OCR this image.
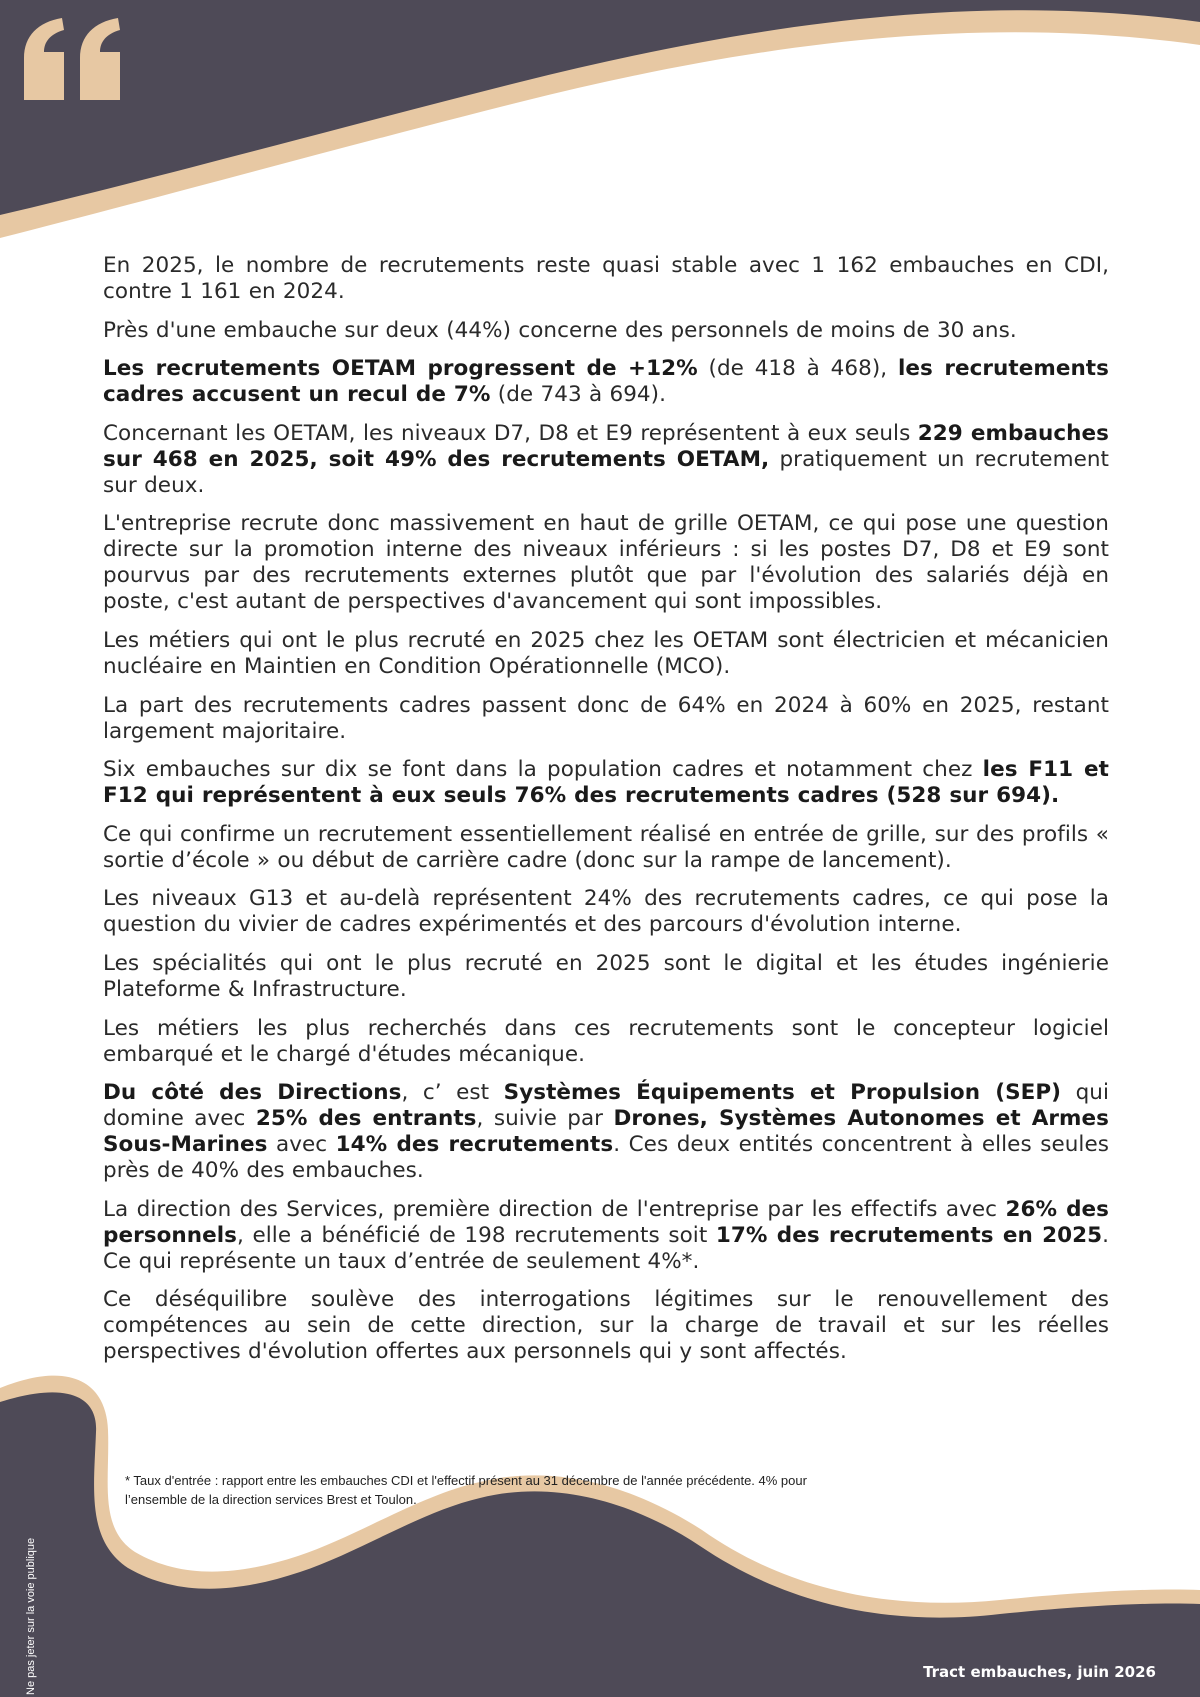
En 2025, le nombre de recrutements reste quasi stable avec 1 162 embauches en CDI, contre 1 161 en 2024.

Près d'une embauche sur deux (44%) concerne des personnels de moins de 30 ans.

Les recrutements OETAM progressent de +12% (de 418 à 468), les recrutements cadres accusent un recul de 7% (de 743 à 694).

Concernant les OETAM, les niveaux D7, D8 et E9 représentent à eux seuls 229 embauches sur 468 en 2025, soit 49% des recrutements OETAM, pratiquement un recrutement sur deux.

L'entreprise recrute donc massivement en haut de grille OETAM, ce qui pose une question directe sur la promotion interne des niveaux inférieurs : si les postes D7, D8 et E9 sont pourvus par des recrutements externes plutôt que par l'évolution des salariés déjà en poste, c'est autant de perspectives d'avancement qui sont impossibles.

Les métiers qui ont le plus recruté en 2025 chez les OETAM sont électricien et mécanicien nucléaire en Maintien en Condition Opérationnelle (MCO).

La part des recrutements cadres passent donc de 64% en 2024 à 60% en 2025, restant largement majoritaire.

Six embauches sur dix se font dans la population cadres et notamment chez les F11 et F12 qui représentent à eux seuls 76% des recrutements cadres (528 sur 694).

Ce qui confirme un recrutement essentiellement réalisé en entrée de grille, sur des profils « sortie d’école » ou début de carrière cadre (donc sur la rampe de lancement).

Les niveaux G13 et au-delà représentent 24% des recrutements cadres, ce qui pose la question du vivier de cadres expérimentés et des parcours d'évolution interne.

Les spécialités qui ont le plus recruté en 2025 sont le digital et les études ingénierie Plateforme & Infrastructure.

Les métiers les plus recherchés dans ces recrutements sont le concepteur logiciel embarqué et le chargé d'études mécanique.

Du côté des Directions, c’ est Systèmes Équipements et Propulsion (SEP) qui domine avec 25% des entrants, suivie par Drones, Systèmes Autonomes et Armes Sous-Marines avec 14% des recrutements. Ces deux entités concentrent à elles seules près de 40% des embauches.

La direction des Services, première direction de l'entreprise par les effectifs avec 26% des personnels, elle a bénéficié de 198 recrutements soit 17% des recrutements en 2025. Ce qui représente un taux d’entrée de seulement 4%*.

Ce déséquilibre soulève des interrogations légitimes sur le renouvellement des compétences au sein de cette direction, sur la charge de travail et sur les réelles perspectives d'évolution offertes aux personnels qui y sont affectés.

* Taux d'entrée : rapport entre les embauches CDI et l'effectif présent au 31 décembre de l'année précédente. 4% pour
l’ensemble de la direction services Brest et Toulon.
Ne pas jeter sur la voie publique	Tract embauches, juin 2026
